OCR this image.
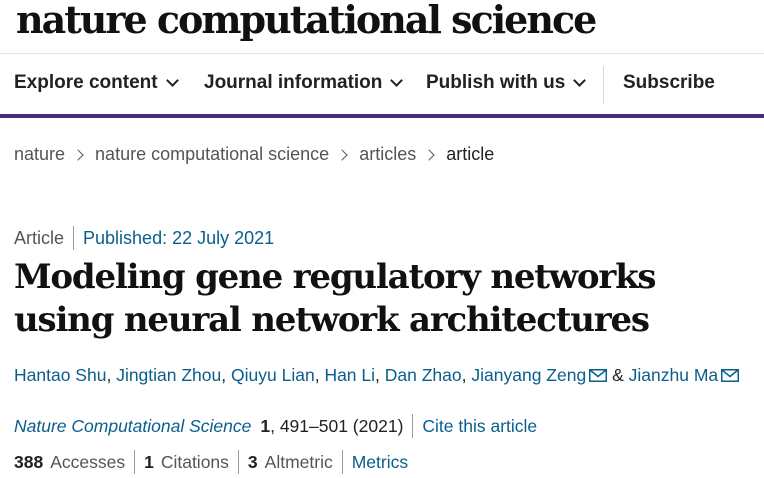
nature computational science
Explore content Journal information Publish with us	Subscribe
nature nature computational science articles article
Article Published: 22 July 2021
Modeling gene regulatory networks using neural network architectures
Hantao Shu ,
Jingtian Zhou ,
Qiuyu Lian ,
Han Li ,
Dan Zhao ,
Jianyang Zeng
&
Jianzhu Ma
Nature Computational Science 1 , 491–501 (2021) Cite this article
388 Accesses 1 Citations 3 Altmetric Metrics
